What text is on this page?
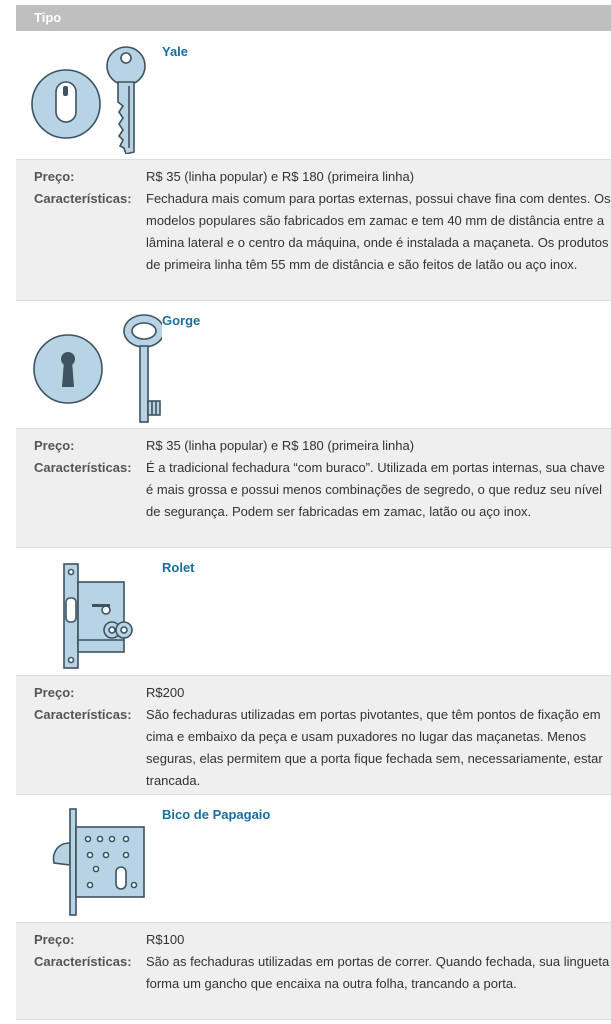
Tipo
Yale
Preço:	R$ 35 (linha popular) e R$ 180 (primeira linha)
Características: Fechadura mais comum para portas externas, possui chave fina com dentes. Os modelos populares são fabricados em zamac e tem 40 mm de distância entre a lâmina lateral e o centro da máquina, onde é instalada a maçaneta. Os produtos de primeira linha têm 55 mm de distância e são feitos de latão ou aço inox.
Gorge
Preço:	R$ 35 (linha popular) e R$ 180 (primeira linha)
Características: É a tradicional fechadura “com buraco”. Utilizada em portas internas, sua chave é mais grossa e possui menos combinações de segredo, o que reduz seu nível de segurança. Podem ser fabricadas em zamac, latão ou aço inox.
Rolet
Preço:	R$200
Características: São fechaduras utilizadas em portas pivotantes, que têm pontos de fixação em cima e embaixo da peça e usam puxadores no lugar das maçanetas. Menos seguras, elas permitem que a porta fique fechada sem, necessariamente, estar trancada.
Bico de Papagaio
Preço:	R$100
Características: São as fechaduras utilizadas em portas de correr. Quando fechada, sua lingueta forma um gancho que encaixa na outra folha, trancando a porta.
